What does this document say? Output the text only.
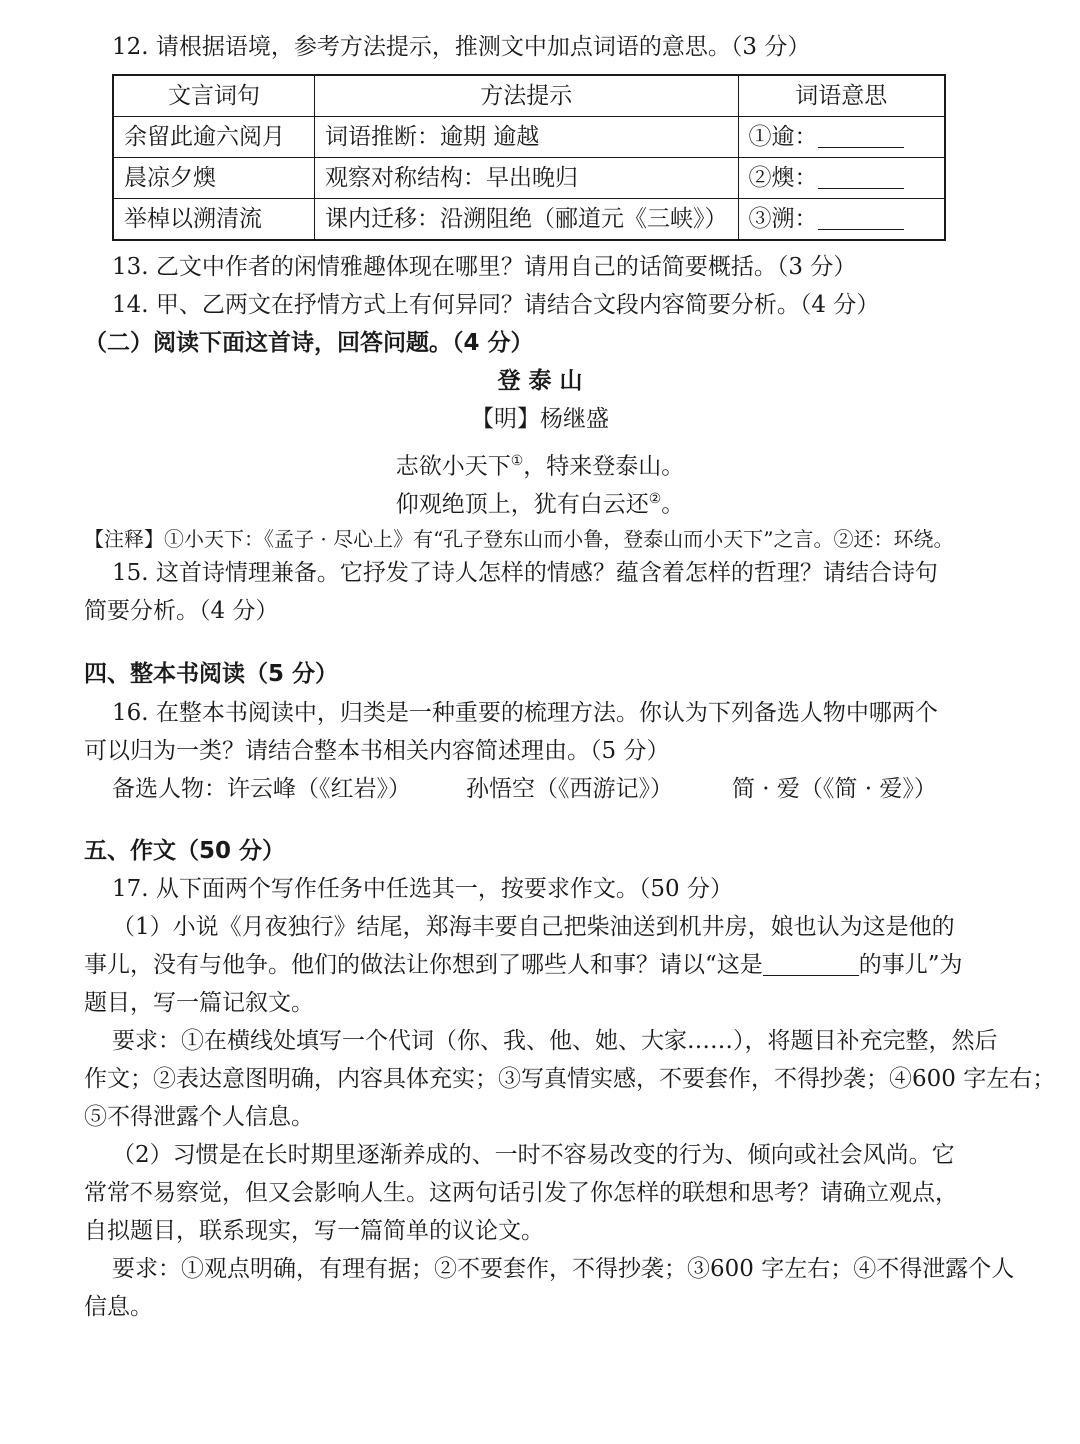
12. 请根据语境，参考方法提示，推测文中加点词语的意思。（3 分）
文言词句	方法提示	词语意思
余留此逾六阅月	词语推断：逾期 逾越	①逾：
晨凉夕燠	观察对称结构：早出晚归	②燠：
举棹以溯清流	课内迁移：沿溯阻绝（郦道元《三峡》）	③溯：
13. 乙文中作者的闲情雅趣体现在哪里？请用自己的话简要概括。（3 分）
14. 甲、乙两文在抒情方式上有何异同？请结合文段内容简要分析。（4 分）
（二）阅读下面这首诗，回答问题。（4 分）
登 泰 山
【明】杨继盛
志欲小天下①，特来登泰山。
仰观绝顶上，犹有白云还②。
【注释】①小天下：《孟子 · 尽心上》有“孔子登东山而小鲁，登泰山而小天下”之言。②还：环绕。
15. 这首诗情理兼备。它抒发了诗人怎样的情感？蕴含着怎样的哲理？请结合诗句
简要分析。（4 分）
四、整本书阅读（5 分）
16. 在整本书阅读中，归类是一种重要的梳理方法。你认为下列备选人物中哪两个
可以归为一类？请结合整本书相关内容简述理由。（5 分）
备选人物：许云峰（《红岩》） 孙悟空（《西游记》）	简 · 爱（《简 · 爱》）
五、作文（50 分）
17. 从下面两个写作任务中任选其一，按要求作文。（50 分）
（1）小说《月夜独行》结尾，郑海丰要自己把柴油送到机井房，娘也认为这是他的
事儿，没有与他争。他们的做法让你想到了哪些人和事？请以“这是	的事儿”为
题目，写一篇记叙文。
要求：①在横线处填写一个代词（你、我、他、她、大家……），将题目补充完整，然后
作文；②表达意图明确，内容具体充实；③写真情实感，不要套作，不得抄袭；④600 字左右；
⑤不得泄露个人信息。
（2）习惯是在长时期里逐渐养成的、一时不容易改变的行为、倾向或社会风尚。它
常常不易察觉，但又会影响人生。这两句话引发了你怎样的联想和思考？请确立观点，
自拟题目，联系现实，写一篇简单的议论文。
要求：①观点明确，有理有据；②不要套作，不得抄袭；③600 字左右；④不得泄露个人
信息。
